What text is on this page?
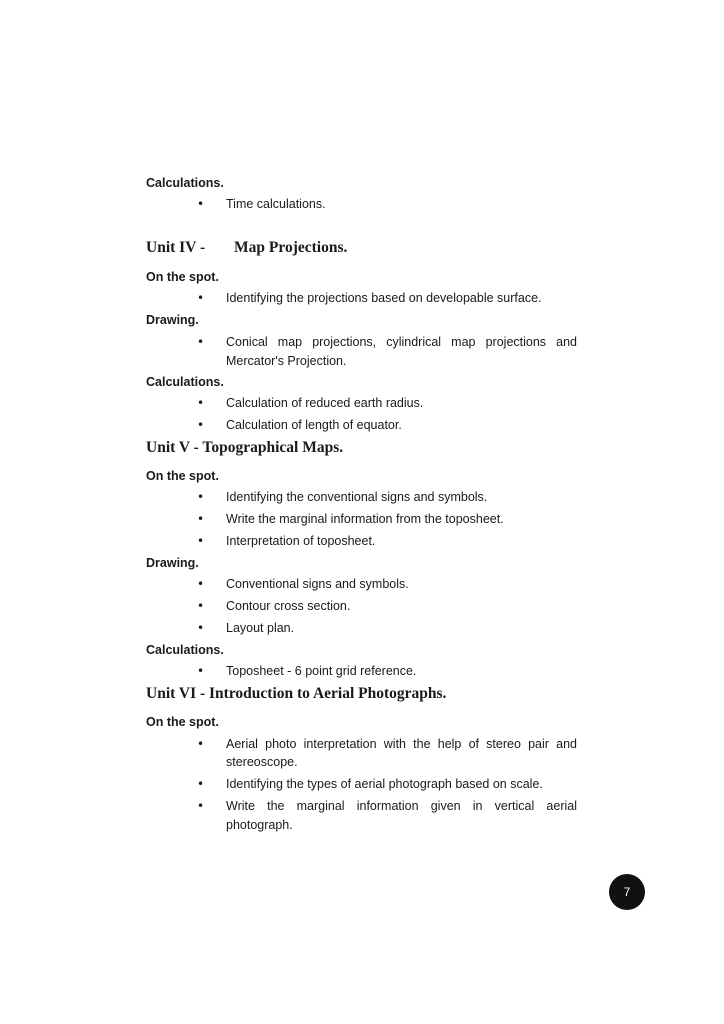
Calculations.
• Time calculations.
Unit IV - Map Projections.
On the spot.
• Identifying the projections based on developable surface.
Drawing.
• Conical map projections, cylindrical map projections and
Mercator's Projection.
Calculations.
• Calculation of reduced earth radius.
• Calculation of length of equator.
Unit V - Topographical Maps.
On the spot.
• Identifying the conventional signs and symbols.
• Write the marginal information from the toposheet.
• Interpretation of toposheet.
Drawing.
• Conventional signs and symbols.
• Contour cross section.
• Layout plan.
Calculations.
• Toposheet - 6 point grid reference.
Unit VI - Introduction to Aerial Photographs.
On the spot.
• Aerial photo interpretation with the help of stereo pair and
stereoscope.
• Identifying the types of aerial photograph based on scale.
• Write the marginal information given in vertical aerial
photograph.
7
